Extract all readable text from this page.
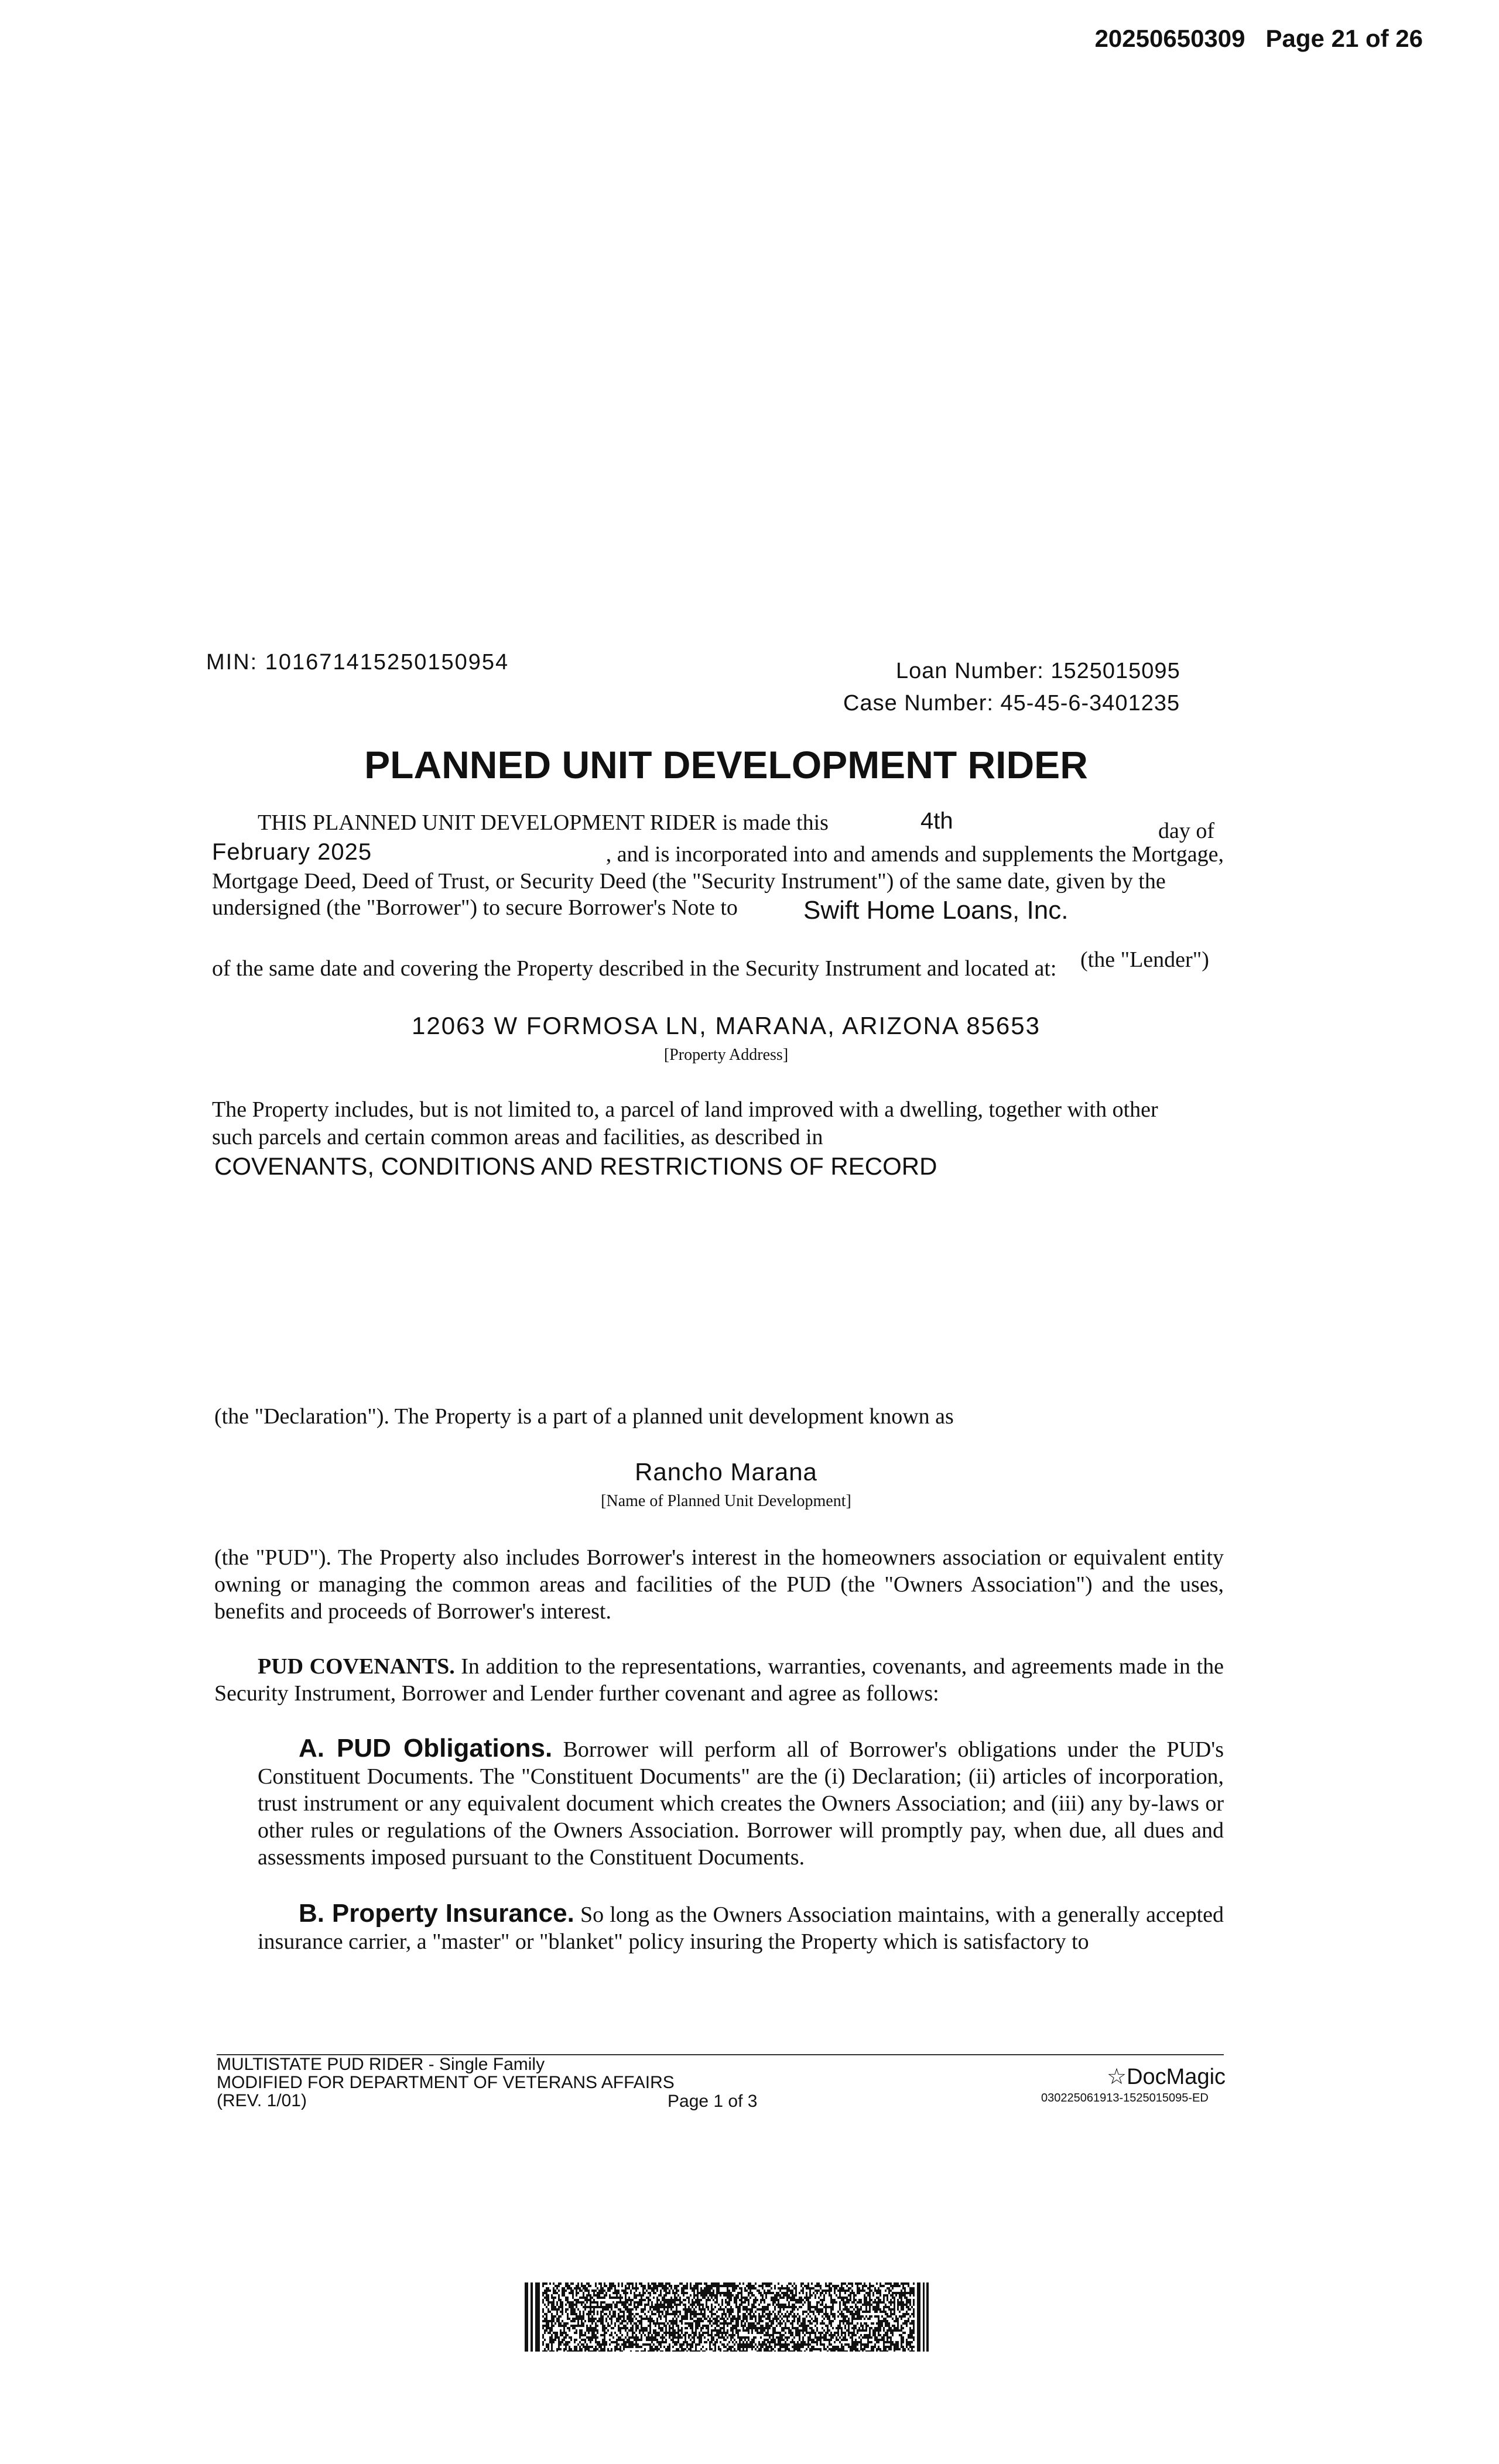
20250650309 Page 21 of 26
MIN: 101671415250150954	Loan Number: 1525015095
Case Number: 45-45-6-3401235
PLANNED UNIT DEVELOPMENT RIDER
THIS PLANNED UNIT DEVELOPMENT RIDER is made this	4th	day of
February 2025	, and is incorporated into and amends and supplements the Mortgage,
Mortgage Deed, Deed of Trust, or Security Deed (the "Security Instrument") of the same date, given by the
undersigned (the "Borrower") to secure Borrower's Note to	Swift Home Loans, Inc.
(the "Lender")
of the same date and covering the Property described in the Security Instrument and located at:
12063 W FORMOSA LN, MARANA, ARIZONA 85653
[Property Address]
The Property includes, but is not limited to, a parcel of land improved with a dwelling, together with other
such parcels and certain common areas and facilities, as described in
COVENANTS, CONDITIONS AND RESTRICTIONS OF RECORD
(the "Declaration"). The Property is a part of a planned unit development known as
Rancho Marana
[Name of Planned Unit Development]
(the "PUD"). The Property also includes Borrower's interest in the homeowners association or equivalent entity owning or managing the common areas and facilities of the PUD (the "Owners Association") and the uses, benefits and proceeds of Borrower's interest.
PUD COVENANTS. In addition to the representations, warranties, covenants, and agreements made in the Security Instrument, Borrower and Lender further covenant and agree as follows:
A. PUD Obligations. Borrower will perform all of Borrower's obligations under the PUD's Constituent Documents. The "Constituent Documents" are the (i) Declaration; (ii) articles of incorporation, trust instrument or any equivalent document which creates the Owners Association; and (iii) any by-laws or other rules or regulations of the Owners Association. Borrower will promptly pay, when due, all dues and assessments imposed pursuant to the Constituent Documents.
B. Property Insurance. So long as the Owners Association maintains, with a generally accepted insurance carrier, a "master" or "blanket" policy insuring the Property which is satisfactory to
MULTISTATE PUD RIDER - Single Family
MODIFIED FOR DEPARTMENT OF VETERANS AFFAIRS
(REV. 1/01)	Page 1 of 3
☆DocMagic
030225061913-1525015095-ED
